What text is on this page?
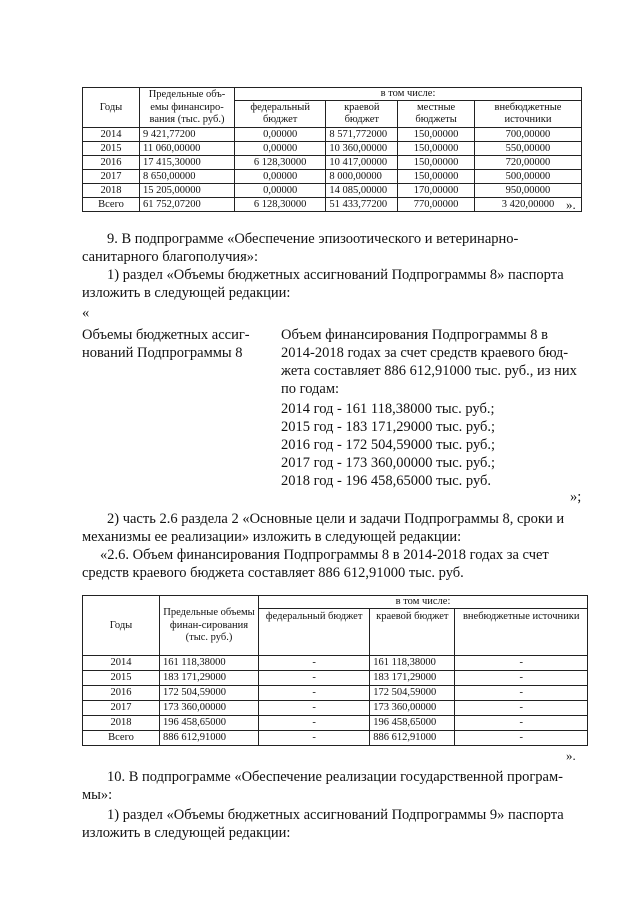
Годы	Предельные объ-емы финансиро-вания (тыс. руб.)	в том числе:			
		федеральный бюджет	краевой бюджет	местные бюджеты	внебюджетные источники
2014	9 421,77200	0,00000	8 571,772000	150,00000	700,00000
2015	11 060,00000	0,00000	10 360,00000	150,00000	550,00000
2016	17 415,30000	6 128,30000	10 417,00000	150,00000	720,00000
2017	8 650,00000	0,00000	8 000,00000	150,00000	500,00000
2018	15 205,00000	0,00000	14 085,00000	170,00000	950,00000
Всего	61 752,07200	6 128,30000	51 433,77200	770,00000	3 420,00000 ».

9. В подпрограмме «Обеспечение эпизоотического и ветеринарно-

санитарного благополучия»:

1) раздел «Объемы бюджетных ассигнований Подпрограммы 8» паспорта

изложить в следующей редакции:

«

Объемы бюджетных ассиг-

нований Подпрограммы 8

Объем финансирования Подпрограммы 8 в

2014-2018 годах за счет средств краевого бюд-

жета составляет 886 612,91000 тыс. руб., из них

по годам:

2014 год - 161 118,38000 тыс. руб.;

2015 год - 183 171,29000 тыс. руб.;

2016 год - 172 504,59000 тыс. руб.;

2017 год - 173 360,00000 тыс. руб.;

2018 год - 196 458,65000 тыс. руб.

»;

2) часть 2.6 раздела 2 «Основные цели и задачи Подпрограммы 8, сроки и

механизмы ее реализации» изложить в следующей редакции:

«2.6. Объем финансирования Подпрограммы 8 в 2014-2018 годах за счет

средств краевого бюджета составляет 886 612,91000 тыс. руб.

Годы	Предельные объемы финан-сирования (тыс. руб.)	в том числе:		
		федеральный бюджет	краевой бюджет	внебюджетные источники
2014	161 118,38000	-	161 118,38000	-
2015	183 171,29000	-	183 171,29000	-
2016	172 504,59000	-	172 504,59000	-
2017	173 360,00000	-	173 360,00000	-
2018	196 458,65000	-	196 458,65000	-
Всего	886 612,91000	-	886 612,91000	-
».

10. В подпрограмме «Обеспечение реализации государственной програм-

мы»:

1) раздел «Объемы бюджетных ассигнований Подпрограммы 9» паспорта

изложить в следующей редакции:
